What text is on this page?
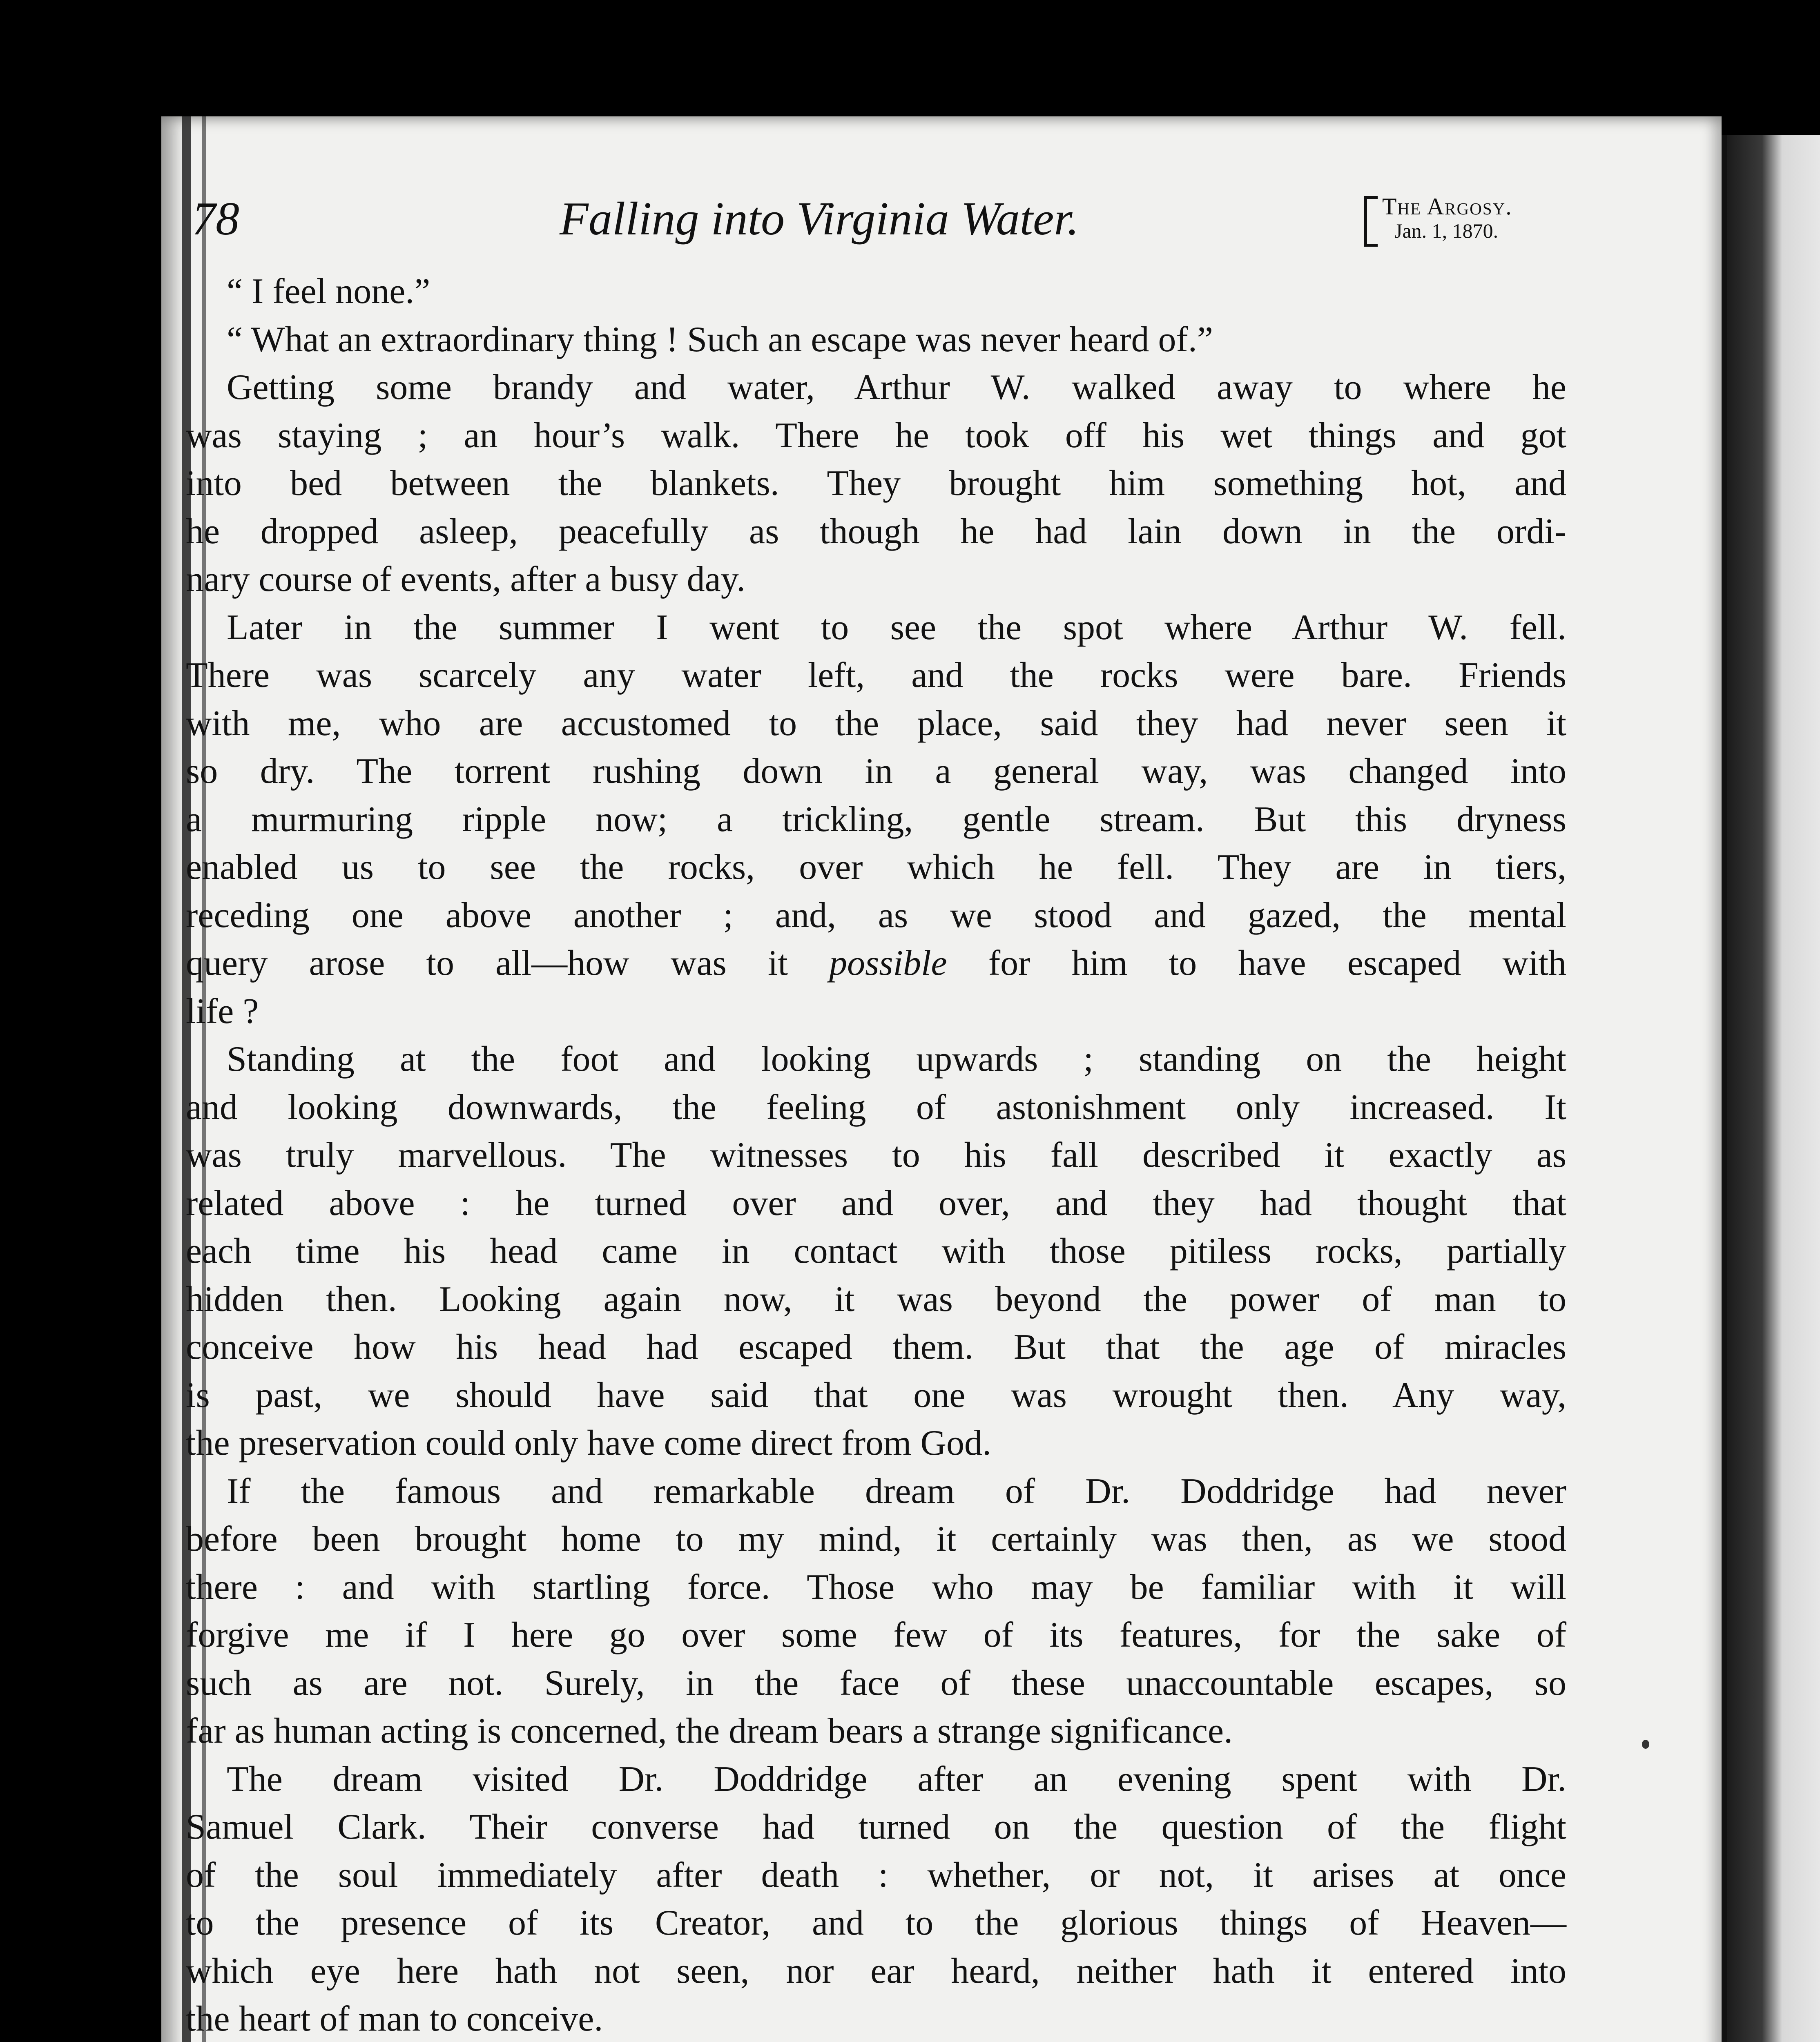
78	Falling into Virginia Water.	The Argosy.
Jan. 1, 1870.
“ I feel none.”
“ What an extraordinary thing ! Such an escape was never heard of.”
Getting some brandy and water, Arthur W. walked away to where he
was staying ; an hour’s walk. There he took off his wet things and got
into bed between the blankets. They brought him something hot, and
he dropped asleep, peacefully as though he had lain down in the ordi-
nary course of events, after a busy day.
Later in the summer I went to see the spot where Arthur W. fell.
There was scarcely any water left, and the rocks were bare. Friends
with me, who are accustomed to the place, said they had never seen it
so dry. The torrent rushing down in a general way, was changed into
a murmuring ripple now; a trickling, gentle stream. But this dryness
enabled us to see the rocks, over which he fell. They are in tiers,
receding one above another ; and, as we stood and gazed, the mental
query arose to all—how was it possible for him to have escaped with
life ?
Standing at the foot and looking upwards ; standing on the height
and looking downwards, the feeling of astonishment only increased. It
was truly marvellous. The witnesses to his fall described it exactly as
related above : he turned over and over, and they had thought that
each time his head came in contact with those pitiless rocks, partially
hidden then. Looking again now, it was beyond the power of man to
conceive how his head had escaped them. But that the age of miracles
is past, we should have said that one was wrought then. Any way,
the preservation could only have come direct from God.
If the famous and remarkable dream of Dr. Doddridge had never
before been brought home to my mind, it certainly was then, as we stood
there : and with startling force. Those who may be familiar with it will
forgive me if I here go over some few of its features, for the sake of
such as are not. Surely, in the face of these unaccountable escapes, so
far as human acting is concerned, the dream bears a strange significance.
The dream visited Dr. Doddridge after an evening spent with Dr.
Samuel Clark. Their converse had turned on the question of the flight
of the soul immediately after death : whether, or not, it arises at once
to the presence of its Creator, and to the glorious things of Heaven—
which eye here hath not seen, nor ear heard, neither hath it entered into
the heart of man to conceive.
